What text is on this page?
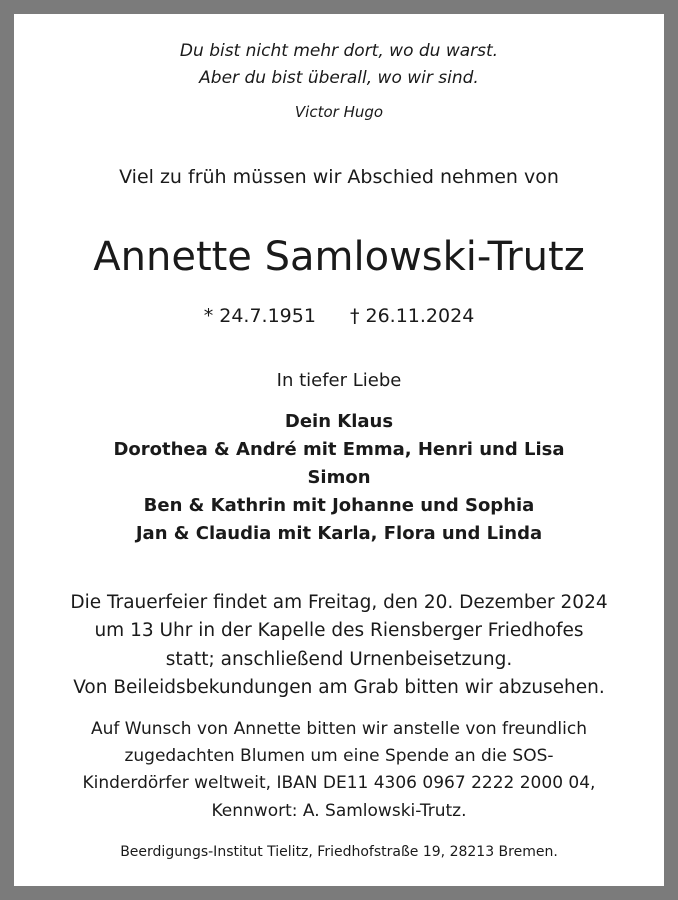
Du bist nicht mehr dort, wo du warst.
Aber du bist überall, wo wir sind.
Victor Hugo
Viel zu früh müssen wir Abschied nehmen von
Annette Samlowski-Trutz
* 24.7.1951 † 26.11.2024
In tiefer Liebe
Dein Klaus
Dorothea & André mit Emma, Henri und Lisa
Simon
Ben & Kathrin mit Johanne und Sophia
Jan & Claudia mit Karla, Flora und Linda
Die Trauerfeier findet am Freitag, den 20. Dezember 2024
um 13 Uhr in der Kapelle des Riensberger Friedhofes
statt; anschließend Urnenbeisetzung.
Von Beileidsbekundungen am Grab bitten wir abzusehen.
Auf Wunsch von Annette bitten wir anstelle von freundlich
zugedachten Blumen um eine Spende an die SOS-
Kinderdörfer weltweit, IBAN DE11 4306 0967 2222 2000 04,
Kennwort: A. Samlowski-Trutz.
Beerdigungs-Institut Tielitz, Friedhofstraße 19, 28213 Bremen.
